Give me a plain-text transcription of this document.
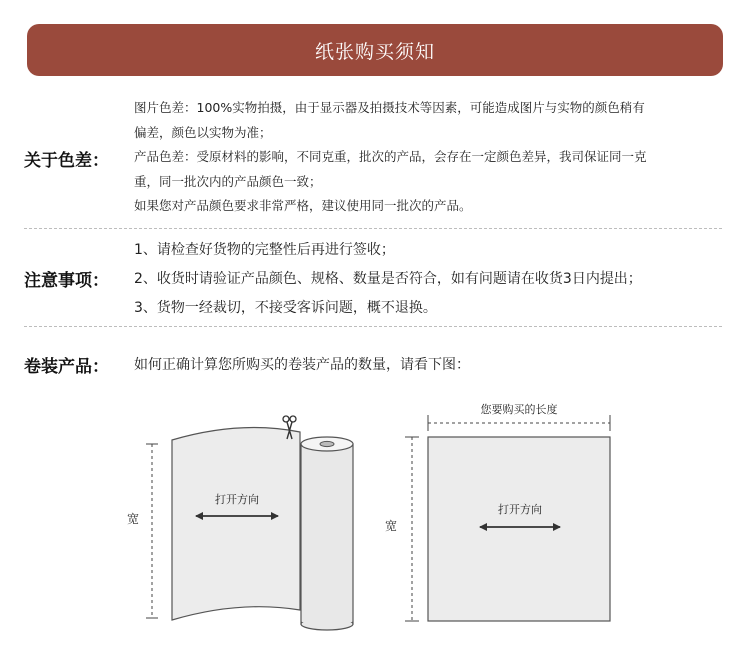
纸张购买须知
关于色差：
图片色差：100%实物拍摄，由于显示器及拍摄技术等因素，可能造成图片与实物的颜色稍有
偏差，颜色以实物为准；
产品色差：受原材料的影响，不同克重，批次的产品，会存在一定颜色差异，我司保证同一克
重，同一批次内的产品颜色一致；
如果您对产品颜色要求非常严格，建议使用同一批次的产品。
注意事项：
1、请检查好货物的完整性后再进行签收；
2、收货时请验证产品颜色、规格、数量是否符合，如有问题请在收货3日内提出；
3、货物一经裁切，不接受客诉问题，概不退换。
卷装产品： 如何正确计算您所购买的卷装产品的数量，请看下图：
打开方向
宽
您要购买的长度
宽
打开方向
